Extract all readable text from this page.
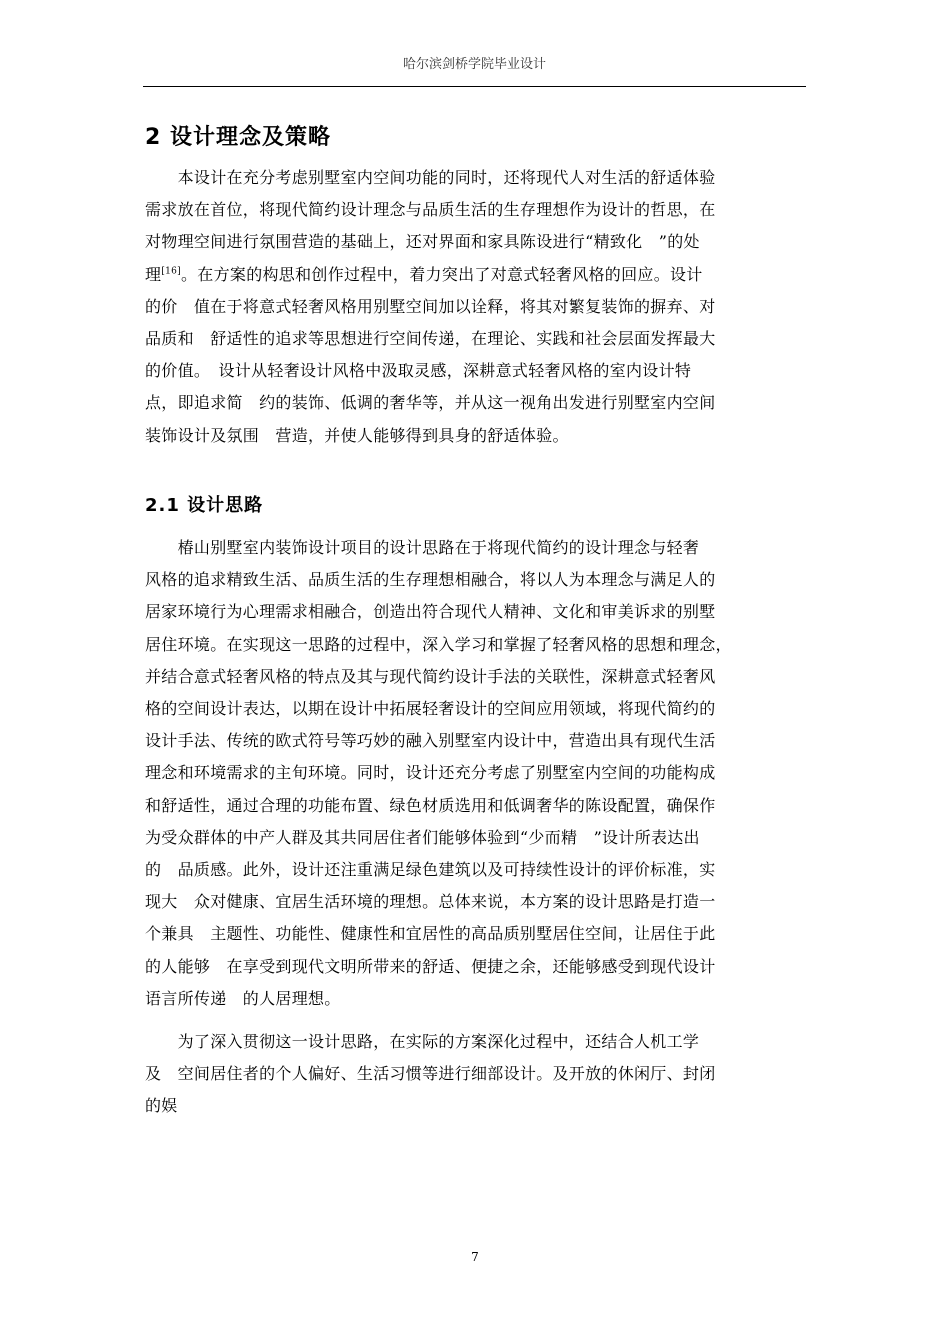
哈尔滨剑桥学院毕业设计
2 设计理念及策略
　　本设计在充分考虑别墅室内空间功能的同时，还将现代人对生活的舒适体验
需求放在首位，将现代简约设计理念与品质生活的生存理想作为设计的哲思，在
对物理空间进行氛围营造的基础上，还对界面和家具陈设进行“精致化　”的处
理[16]。在方案的构思和创作过程中，着力突出了对意式轻奢风格的回应。设计
的价　值在于将意式轻奢风格用别墅空间加以诠释，将其对繁复装饰的摒弃、对
品质和　舒适性的追求等思想进行空间传递，在理论、实践和社会层面发挥最大
的价值。　设计从轻奢设计风格中汲取灵感，深耕意式轻奢风格的室内设计特
点，即追求简　约的装饰、低调的奢华等，并从这一视角出发进行别墅室内空间
装饰设计及氛围　营造，并使人能够得到具身的舒适体验。
2.1 设计思路
　　椿山别墅室内装饰设计项目的设计思路在于将现代简约的设计理念与轻奢
风格的追求精致生活、品质生活的生存理想相融合，将以人为本理念与满足人的
居家环境行为心理需求相融合，创造出符合现代人精神、文化和审美诉求的别墅
居住环境。在实现这一思路的过程中，深入学习和掌握了轻奢风格的思想和理念，
并结合意式轻奢风格的特点及其与现代简约设计手法的关联性，深耕意式轻奢风
格的空间设计表达，以期在设计中拓展轻奢设计的空间应用领域，将现代简约的
设计手法、传统的欧式符号等巧妙的融入别墅室内设计中，营造出具有现代生活
理念和环境需求的主旬环境。同时，设计还充分考虑了别墅室内空间的功能构成
和舒适性，通过合理的功能布置、绿色材质选用和低调奢华的陈设配置，确保作
为受众群体的中产人群及其共同居住者们能够体验到“少而精　”设计所表达出
的　品质感。此外，设计还注重满足绿色建筑以及可持续性设计的评价标准，实
现大　众对健康、宜居生活环境的理想。总体来说，本方案的设计思路是打造一
个兼具　主题性、功能性、健康性和宜居性的高品质别墅居住空间，让居住于此
的人能够　在享受到现代文明所带来的舒适、便捷之余，还能够感受到现代设计
语言所传递　的人居理想。
　　为了深入贯彻这一设计思路，在实际的方案深化过程中，还结合人机工学
及　空间居住者的个人偏好、生活习惯等进行细部设计。及开放的休闲厅、封闭
的娱
7
